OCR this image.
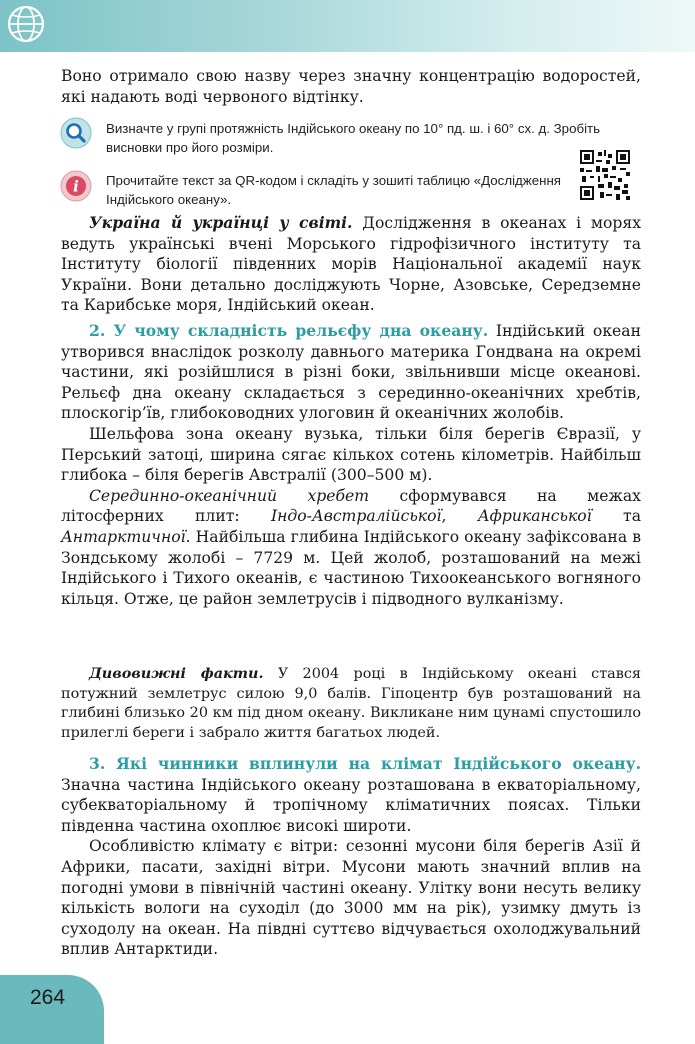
Воно отримало свою назву через значну концентрацію водоростей, які надають воді червоного відтінку.

Визначте у групі протяжність Індійського океану по 10° пд. ш. і 60° сх. д. Зробіть висновки про його розміри.
i Прочитайте текст за QR-кодом і складіть у зошиті таблицю «Дослідження Індійського океану».

Україна й українці у світі. Дослідження в океанах і морях ведуть українські вчені Морського гідрофізичного інституту та Інституту біології південних морів Національної академії наук України. Вони детально досліджують Чорне, Азовське, Середземне та Карибське моря, Індійський океан.

2. У чому складність рельєфу дна океану. Індійський океан утворився внаслідок розколу давнього материка Гондвана на окремі частини, які розійшлися в різні боки, звільнивши місце океанові. Рельєф дна океану складається з серединно-океанічних хребтів, плоскогір’їв, глибоководних улоговин й океанічних жолобів.

Шельфова зона океану вузька, тільки біля берегів Євразії, у Перський затоці, ширина сягає кількох сотень кілометрів. Найбільш глибока – біля берегів Австралії (300–500 м).

Серединно-океанічний хребет сформувався на межах літосферних плит: Індо-Австралійської, Африканської та Антарктичної. Найбільша глибина Індійського океану зафіксована в Зондському жолобі – 7729 м. Цей жолоб, розташований на межі Індійського і Тихого океанів, є частиною Тихоокеанського вогняного кільця. Отже, це район землетрусів і підводного вулканізму.

Дивовижні факти. У 2004 році в Індійському океані стався потужний землетрус силою 9,0 балів. Гіпоцентр був розташований на глибині близько 20 км під дном океану. Викликане ним цунамі спустошило прилеглі береги і забрало життя багатьох людей.

3. Які чинники вплинули на клімат Індійського океану. Значна частина Індійського океану розташована в екваторіальному, субекваторіальному й тропічному кліматичних поясах. Тільки південна частина охоплює високі широти.

Особливістю клімату є вітри: сезонні мусони біля берегів Азії й Африки, пасати, західні вітри. Мусони мають значний вплив на погодні умови в північній частині океану. Улітку вони несуть велику кількість вологи на суходіл (до 3000 мм на рік), узимку дмуть із суходолу на океан. На півдні суттєво відчувається охолоджувальний вплив Антарктиди.

264
